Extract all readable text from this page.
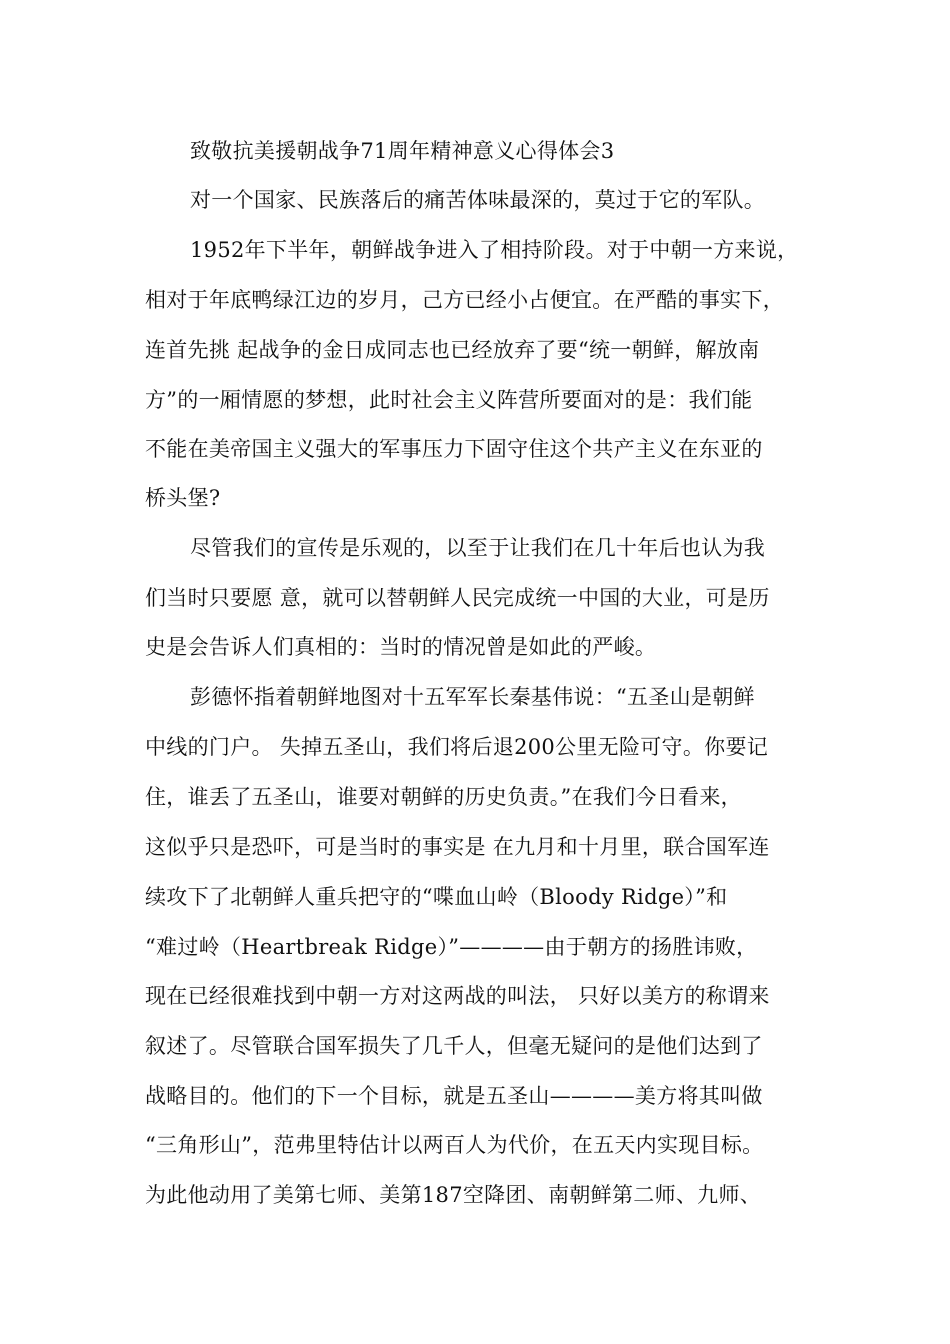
致敬抗美援朝战争71周年精神意义心得体会3
对一个国家、民族落后的痛苦体味最深的，莫过于它的军队。
1952年下半年，朝鲜战争进入了相持阶段。对于中朝一方来说，
相对于年底鸭绿江边的岁月，己方已经小占便宜。在严酷的事实下，
连首先挑 起战争的金日成同志也已经放弃了要“统一朝鲜，解放南
方”的一厢情愿的梦想，此时社会主义阵营所要面对的是：我们能
不能在美帝国主义强大的军事压力下固守住这个共产主义在东亚的
桥头堡?
尽管我们的宣传是乐观的，以至于让我们在几十年后也认为我
们当时只要愿 意，就可以替朝鲜人民完成统一中国的大业，可是历
史是会告诉人们真相的：当时的情况曾是如此的严峻。
彭德怀指着朝鲜地图对十五军军长秦基伟说：“五圣山是朝鲜
中线的门户。 失掉五圣山，我们将后退200公里无险可守。你要记
住，谁丢了五圣山，谁要对朝鲜的历史负责。”在我们今日看来，
这似乎只是恐吓，可是当时的事实是 在九月和十月里，联合国军连
续攻下了北朝鲜人重兵把守的“喋血山岭（Bloody Ridge）”和
“难过岭（Heartbreak Ridge）”————由于朝方的扬胜讳败，
现在已经很难找到中朝一方对这两战的叫法， 只好以美方的称谓来
叙述了。尽管联合国军损失了几千人，但毫无疑问的是他们达到了
战略目的。他们的下一个目标，就是五圣山————美方将其叫做
“三角形山”，范弗里特估计以两百人为代价，在五天内实现目标。
为此他动用了美第七师、美第187空降团、南朝鲜第二师、九师、
